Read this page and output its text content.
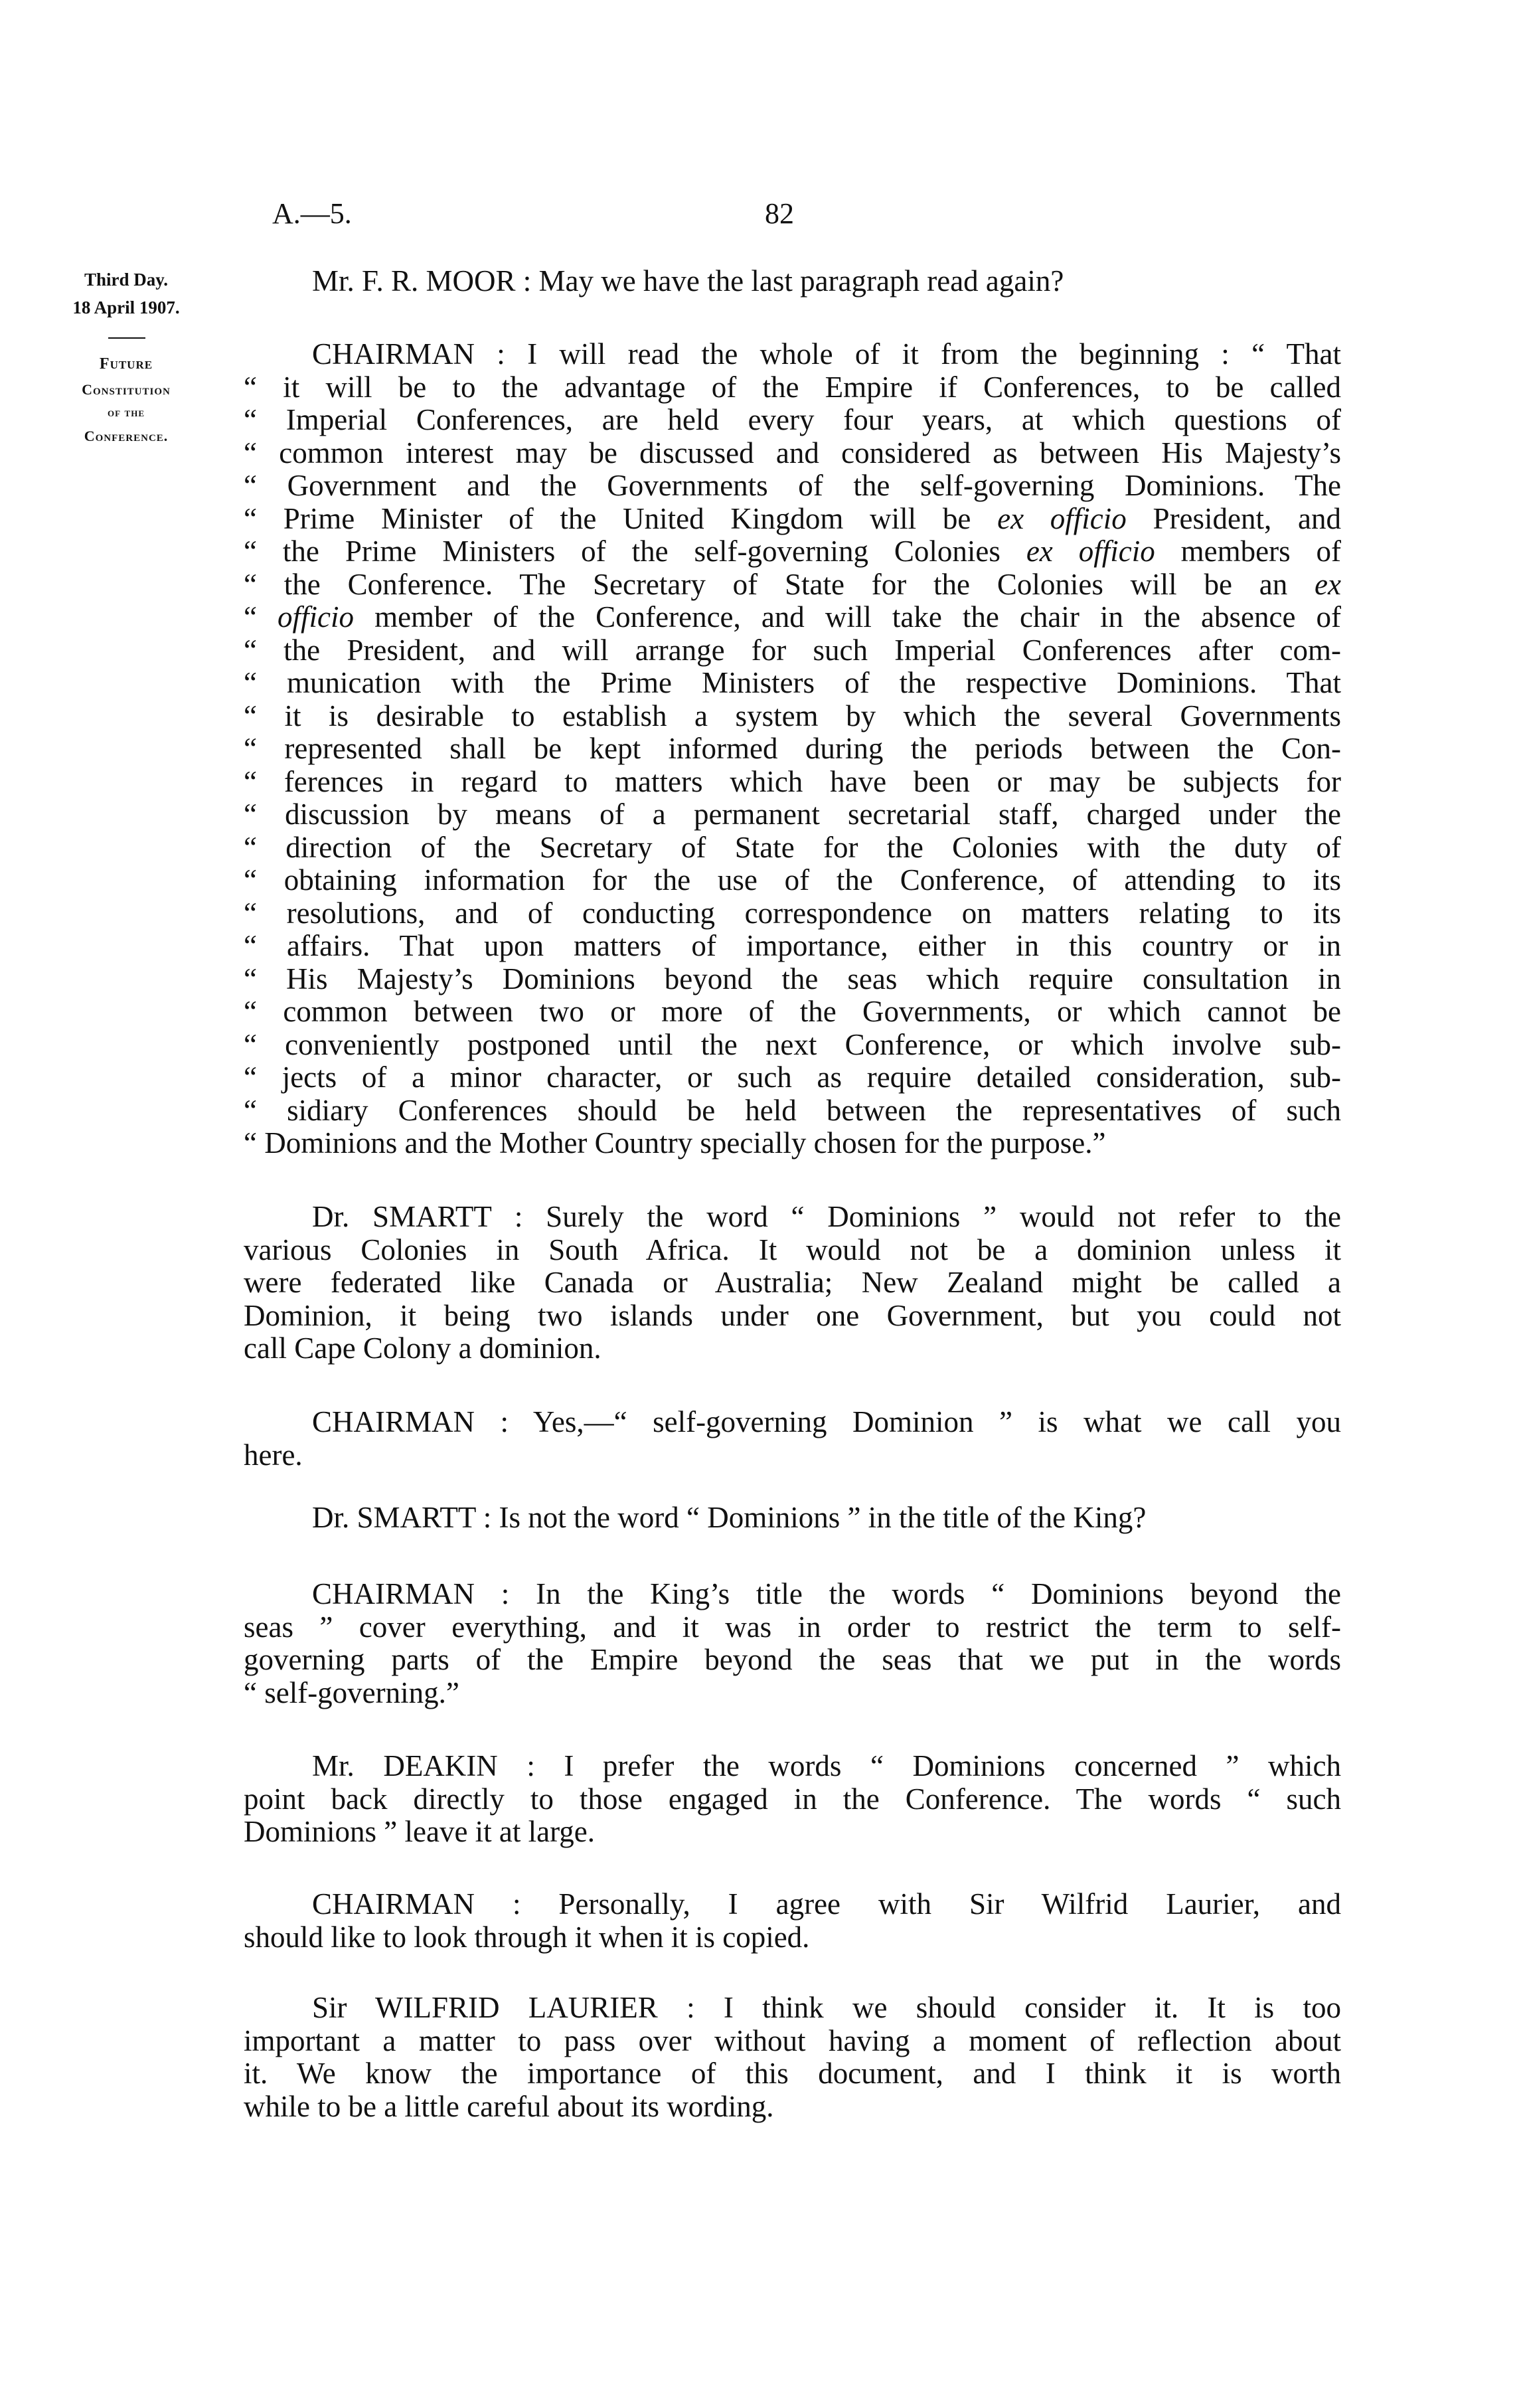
A.—5.	82
Third Day.
18 April 1907.
Future
Constitution
of the
Conference.
Mr. F. R. MOOR : May we have the last paragraph read again?
CHAIRMAN : I will read the whole of it from the beginning : “ That
“ it will be to the advantage of the Empire if Conferences, to be called
“ Imperial Conferences, are held every four years, at which questions of
“ common interest may be discussed and considered as between His Majesty’s
“ Government and the Governments of the self-governing Dominions. The
“ Prime Minister of the United Kingdom will be ex officio President, and
“ the Prime Ministers of the self-governing Colonies ex officio members of
“ the Conference. The Secretary of State for the Colonies will be an ex
“ officio member of the Conference, and will take the chair in the absence of
“ the President, and will arrange for such Imperial Conferences after com-
“ munication with the Prime Ministers of the respective Dominions. That
“ it is desirable to establish a system by which the several Governments
“ represented shall be kept informed during the periods between the Con-
“ ferences in regard to matters which have been or may be subjects for
“ discussion by means of a permanent secretarial staff, charged under the
“ direction of the Secretary of State for the Colonies with the duty of
“ obtaining information for the use of the Conference, of attending to its
“ resolutions, and of conducting correspondence on matters relating to its
“ affairs. That upon matters of importance, either in this country or in
“ His Majesty’s Dominions beyond the seas which require consultation in
“ common between two or more of the Governments, or which cannot be
“ conveniently postponed until the next Conference, or which involve sub-
“ jects of a minor character, or such as require detailed consideration, sub-
“ sidiary Conferences should be held between the representatives of such
“ Dominions and the Mother Country specially chosen for the purpose.”
Dr. SMARTT : Surely the word “ Dominions ” would not refer to the
various Colonies in South Africa. It would not be a dominion unless it
were federated like Canada or Australia; New Zealand might be called a
Dominion, it being two islands under one Government, but you could not
call Cape Colony a dominion.
CHAIRMAN : Yes,—“ self-governing Dominion ” is what we call you
here.
Dr. SMARTT : Is not the word “ Dominions ” in the title of the King?
CHAIRMAN : In the King’s title the words “ Dominions beyond the
seas ” cover everything, and it was in order to restrict the term to self-
governing parts of the Empire beyond the seas that we put in the words
“ self-governing.”
Mr. DEAKIN : I prefer the words “ Dominions concerned ” which
point back directly to those engaged in the Conference. The words “ such
Dominions ” leave it at large.
CHAIRMAN : Personally, I agree with Sir Wilfrid Laurier, and
should like to look through it when it is copied.
Sir WILFRID LAURIER : I think we should consider it. It is too
important a matter to pass over without having a moment of reflection about
it. We know the importance of this document, and I think it is worth
while to be a little careful about its wording.
